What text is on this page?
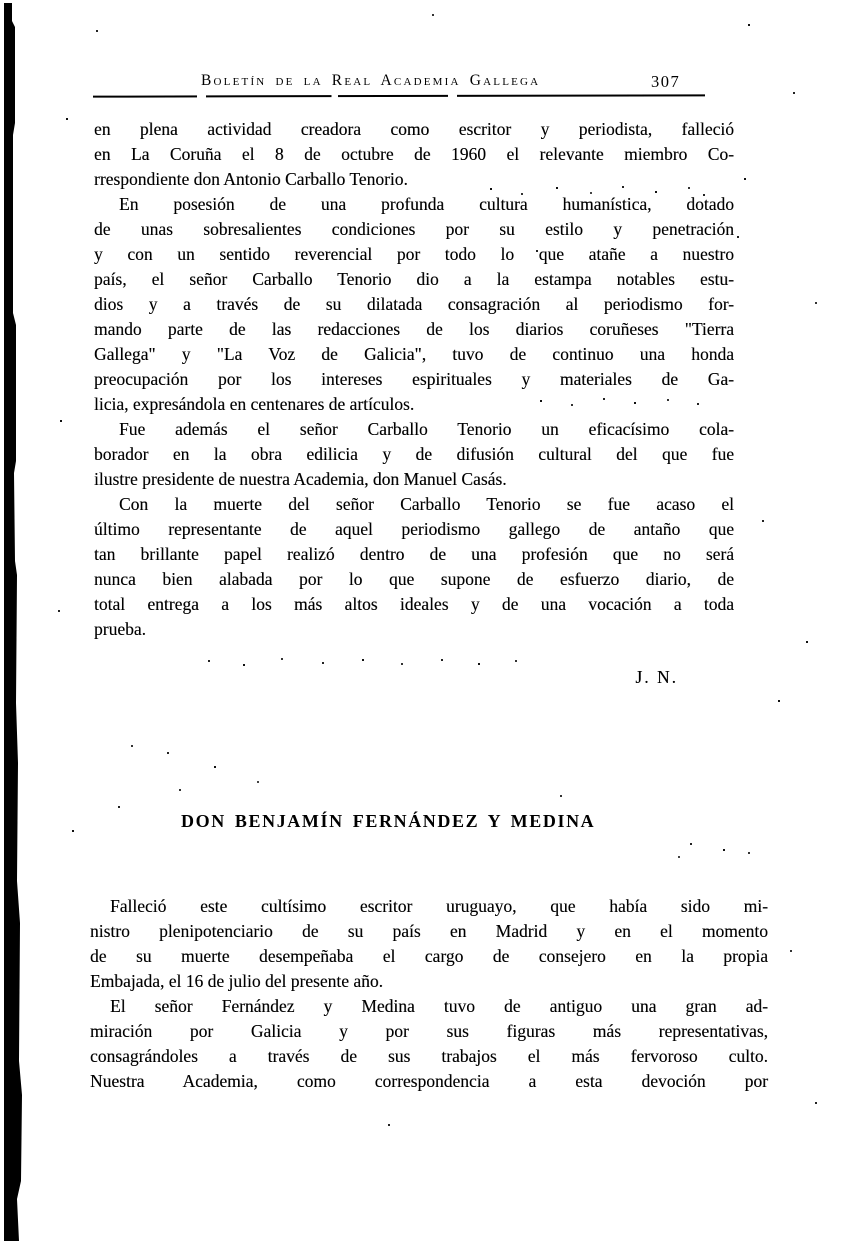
Boletín de la Real Academia Gallega	307
en plena actividad creadora como escritor y periodista, falleció
en La Coruña el 8 de octubre de 1960 el relevante miembro Co-
rrespondiente don Antonio Carballo Tenorio.
En posesión de una profunda cultura humanística, dotado
de unas sobresalientes condiciones por su estilo y penetración
y con un sentido reverencial por todo lo que atañe a nuestro
país, el señor Carballo Tenorio dio a la estampa notables estu-
dios y a través de su dilatada consagración al periodismo for-
mando parte de las redacciones de los diarios coruñeses "Tierra
Gallega" y "La Voz de Galicia", tuvo de continuo una honda
preocupación por los intereses espirituales y materiales de Ga-
licia, expresándola en centenares de artículos.
Fue además el señor Carballo Tenorio un eficacísimo cola-
borador en la obra edilicia y de difusión cultural del que fue
ilustre presidente de nuestra Academia, don Manuel Casás.
Con la muerte del señor Carballo Tenorio se fue acaso el
último representante de aquel periodismo gallego de antaño que
tan brillante papel realizó dentro de una profesión que no será
nunca bien alabada por lo que supone de esfuerzo diario, de
total entrega a los más altos ideales y de una vocación a toda
prueba.
J. N.
DON BENJAMÍN FERNÁNDEZ Y MEDINA
Falleció este cultísimo escritor uruguayo, que había sido mi-
nistro plenipotenciario de su país en Madrid y en el momento
de su muerte desempeñaba el cargo de consejero en la propia
Embajada, el 16 de julio del presente año.
El señor Fernández y Medina tuvo de antiguo una gran ad-
miración por Galicia y por sus figuras más representativas,
consagrándoles a través de sus trabajos el más fervoroso culto.
Nuestra Academia, como correspondencia a esta devoción por
